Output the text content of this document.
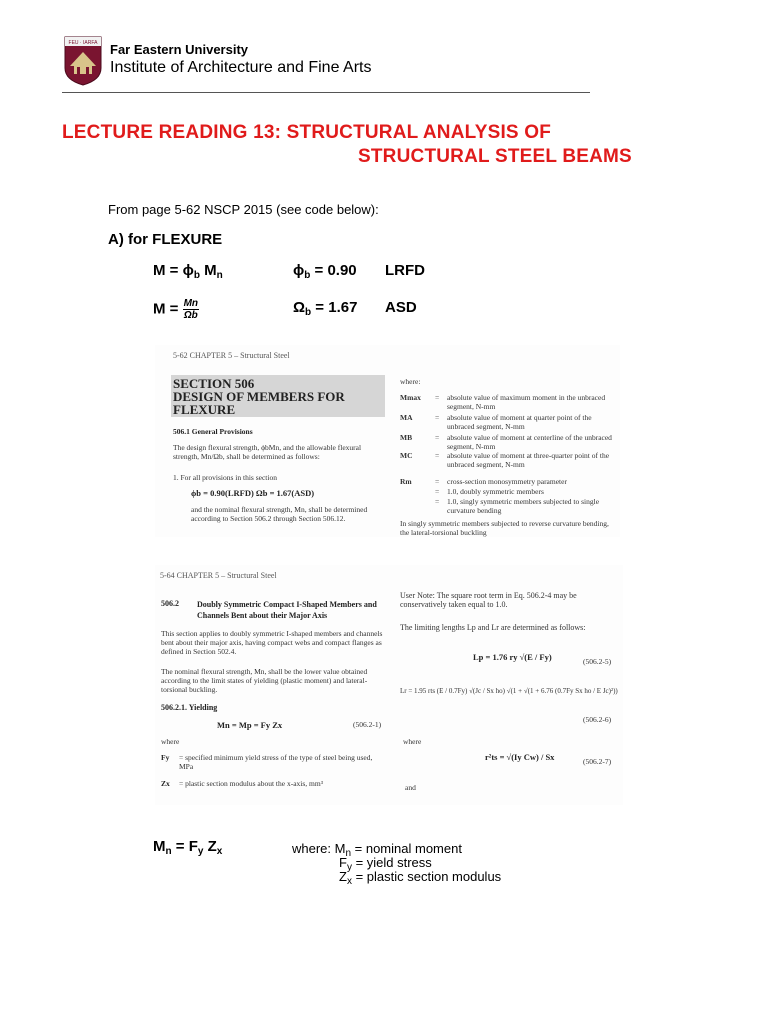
FEU · IARFA Far Eastern University
Institute of Architecture and Fine Arts
LECTURE READING 13: STRUCTURAL ANALYSIS OF
STRUCTURAL STEEL BEAMS
From page 5-62 NSCP 2015 (see code below):
A) for FLEXURE
$M = \phi_b$ $M_n$	$\phi_b = 0.90$ LRFD
$M = \frac{Mn}{\Omega b}$	$\Omega_b = 1.67$ ASD
5-62 CHAPTER 5 – Structural Steel
SECTION 506
DESIGN OF MEMBERS FOR
FLEXURE
506.1 General Provisions
The design flexural strength, ϕbMn, and the allowable flexural strength, Mn/Ωb, shall be determined as follows:
1. For all provisions in this section
ϕb = 0.90(LRFD) Ωb = 1.67(ASD)
and the nominal flexural strength, Mn, shall be determined according to Section 506.2 through Section 506.12.
where:
Mmax = absolute value of maximum moment in the unbraced segment, N-mm
MA	= absolute value of moment at quarter point of the unbraced segment, N-mm
MB	= absolute value of moment at centerline of the unbraced segment, N-mm
MC	= absolute value of moment at three-quarter point of the unbraced segment, N-mm
Rm	= cross-section monosymmetry parameter
= 1.0, doubly symmetric members
= 1.0, singly symmetric members subjected to single curvature bending
In singly symmetric members subjected to reverse curvature bending, the lateral-torsional buckling
5-64 CHAPTER 5 – Structural Steel
506.2 Doubly Symmetric Compact I-Shaped Members and Channels Bent about their Major Axis
This section applies to doubly symmetric I-shaped members and channels bent about their major axis, having compact webs and compact flanges as defined in Section 502.4.
The nominal flexural strength, Mn, shall be the lower value obtained according to the limit states of yielding (plastic moment) and lateral-torsional buckling.
506.2.1. Yielding
Mn = Mp = Fy Zx	(506.2-1)
where
Fy = specified minimum yield stress of the type of steel being used, MPa
Zx = plastic section modulus about the x-axis, mm³
User Note: The square root term in Eq. 506.2-4 may be conservatively taken equal to 1.0.
The limiting lengths Lp and Lr are determined as follows:
Lp = 1.76 ry √(E / Fy)	(506.2-5)
Lr = 1.95 rts (E / 0.7Fy) √(Jc / Sx ho) √(1 + √(1 + 6.76 (0.7Fy Sx ho / E Jc)²))
(506.2-6)
where
r²ts = √(Iy Cw) / Sx	(506.2-7)
and
$M_n = F_y$ $Z_x$	where: $M_n$ = nominal moment
$F_y$ = yield stress
$Z_x$ = plastic section modulus
